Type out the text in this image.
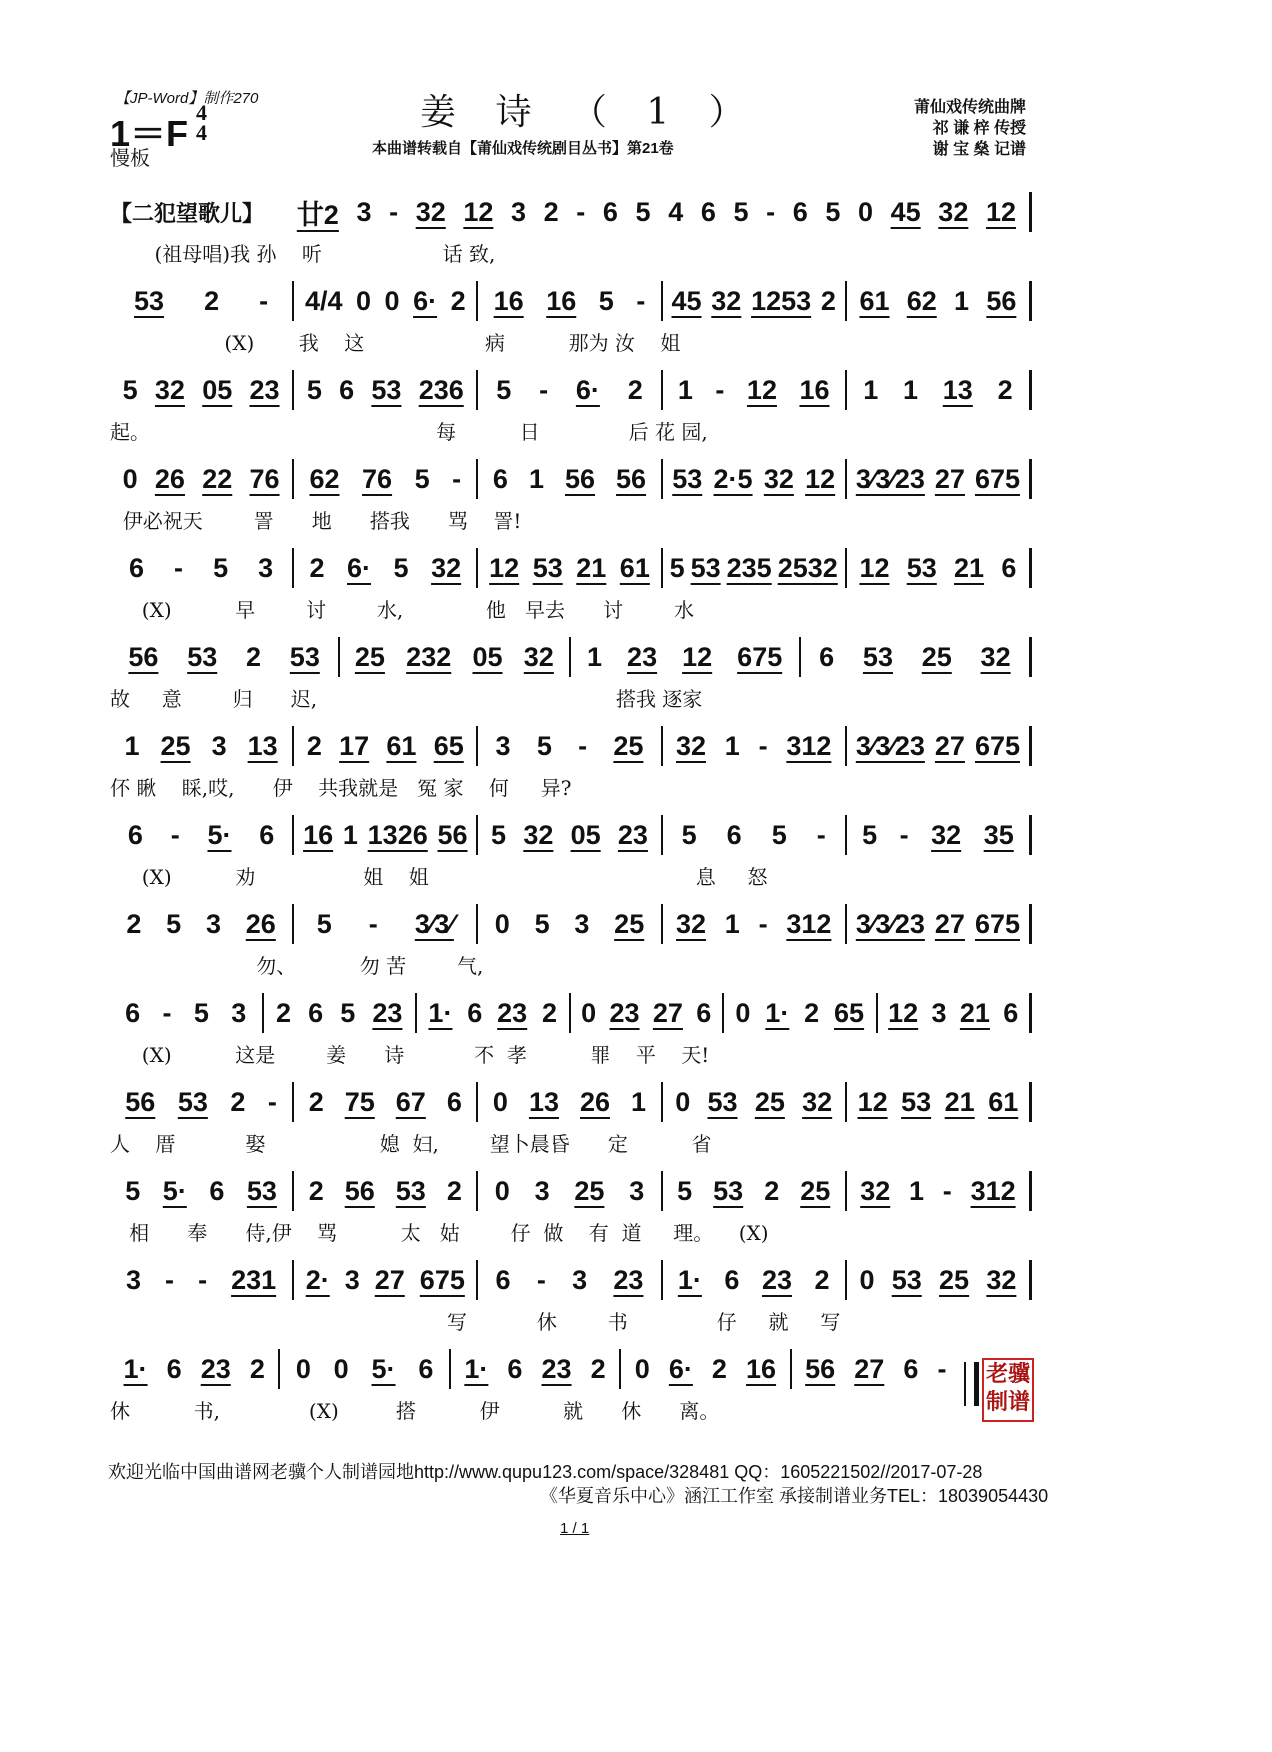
【JP-Word】制作270
1＝F
4
4
慢板
姜 诗 （ 1 ）
本曲谱转载自【莆仙戏传统剧目丛书】第21卷
莆仙戏传统曲牌
祁 谦 梓 传授
谢 宝 燊 记谱
【二犯望歌儿】 廿2 3 - 32 12 3 2 - 6 5 4 6 5 - 6 5 0 45 32 12
(祖母唱)我 孙    听                   话 致,
53 2 - 4/4 0 0 6· 2 16 16 5 - 45 32 1253 2 61 62 1 56
(X)       我    这                   病          那为 汝    姐
5 32 05 23 5 6 53 236 5 - 6· 2 1 - 12 16 1 1 13 2
起。                                             每          日              后 花 园,
0 26 22 76 62 76 5 - 6 1 56 56 53 2·5 32 12 3⁄3⁄23 27 675
伊必祝天        詈      地      搭我      骂    詈!
6 - 5 3 2 6· 5 32 12 53 21 61 5 53 235 2532 12 53 21 6
(X)          早        讨        水,             他   早去      讨        水
56 53 2 53 25 232 05 32 1 23 12 675 6 53 25 32
故     意        归      迟,                                               搭我 逐家
1 25 3 13 2 17 61 65 3 5 - 25 32 1 - 312 3⁄3⁄23 27 675
伓 瞅    睬,哎,      伊    共我就是   冤 家    何     异?
6 - 5· 6 16 1 1326 56 5 32 05 23 5 6 5 - 5 - 32 35
(X)          劝                 姐    姐                                          息     怒
2 5 3 26 5 - 3⁄3⁄ 0 5 3 25 32 1 - 312 3⁄3⁄23 27 675
勿、          勿 苦        气,
6 - 5 3 2 6 5 23 1· 6 23 2 0 23 27 6 0 1· 2 65 12 3 21 6
(X)          这是        姜      诗           不  孝          罪    平    天!
56 53 2 - 2 75 67 6 0 13 26 1 0 53 25 32 12 53 21 61
人    厝           娶                  媳  妇,        望卜晨昏      定          省
5 5· 6 53 2 56 53 2 0 3 25 3 5 53 2 25 32 1 - 312
相      奉      侍,伊    骂          太   姑        仔  做    有  道     理。    (X)
3 - - 231 2· 3 27 675 6 - 3 23 1· 6 23 2 0 53 25 32
写           休        书              仔     就     写
1· 6 23 2 0 0 5· 6 1· 6 23 2 0 6· 2 16 56 27 6 -
休          书,              (X)         搭          伊          就      休      离。
老骥
制谱
欢迎光临中国曲谱网老骥个人制谱园地http://www.qupu123.com/space/328481 QQ：1605221502//2017-07-28
《华夏音乐中心》涵江工作室 承接制谱业务TEL：18039054430
1 / 1
